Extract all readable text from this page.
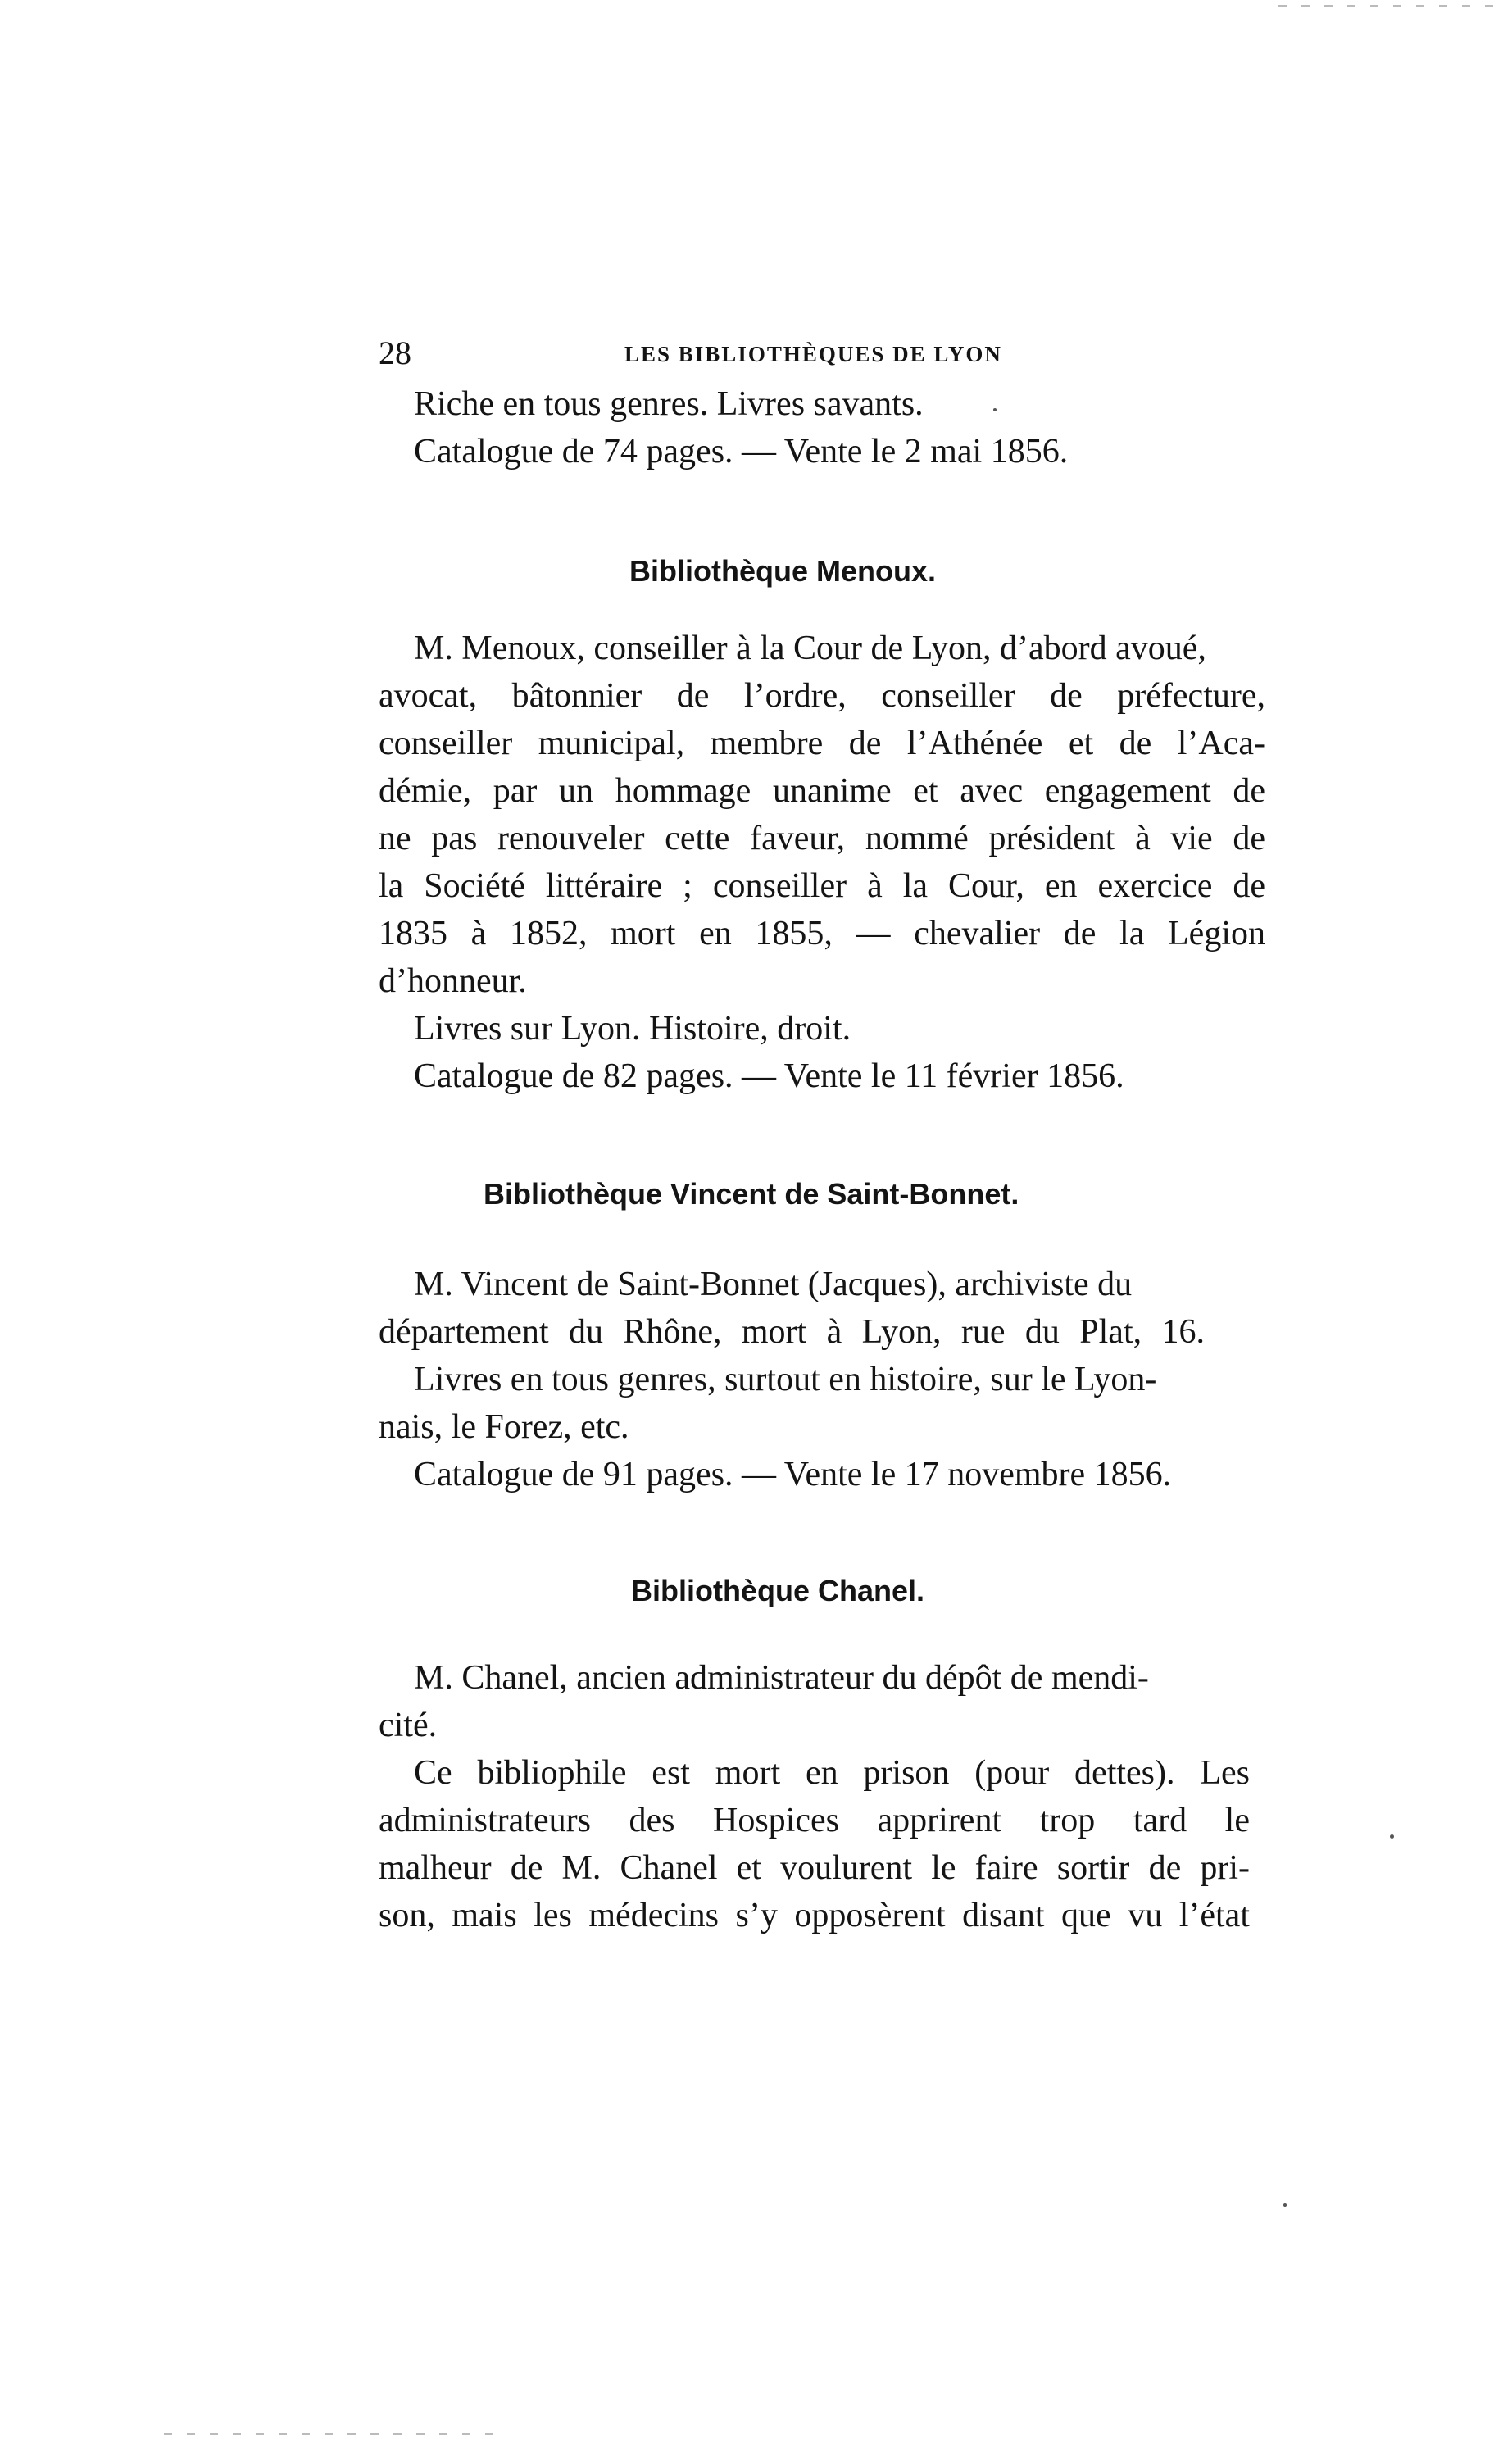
28	LES BIBLIOTHÈQUES DE LYON
Riche en tous genres. Livres savants.
Catalogue de 74 pages. — Vente le 2 mai 1856.
Bibliothèque Menoux.
M. Menoux, conseiller à la Cour de Lyon, d’abord avoué,
avocat, bâtonnier de l’ordre, conseiller de préfecture,
conseiller municipal, membre de l’Athénée et de l’Aca-
démie, par un hommage unanime et avec engagement de
ne pas renouveler cette faveur, nommé président à vie de
la Société littéraire ; conseiller à la Cour, en exercice de
1835 à 1852, mort en 1855, — chevalier de la Légion
d’honneur.
Livres sur Lyon. Histoire, droit.
Catalogue de 82 pages. — Vente le 11 février 1856.
Bibliothèque Vincent de Saint-Bonnet.
M. Vincent de Saint-Bonnet (Jacques), archiviste du
département du Rhône, mort à Lyon, rue du Plat, 16.
Livres en tous genres, surtout en histoire, sur le Lyon-
nais, le Forez, etc.
Catalogue de 91 pages. — Vente le 17 novembre 1856.
Bibliothèque Chanel.
M. Chanel, ancien administrateur du dépôt de mendi-
cité.
Ce bibliophile est mort en prison (pour dettes). Les
administrateurs des Hospices apprirent trop tard le
malheur de M. Chanel et voulurent le faire sortir de pri-
son, mais les médecins s’y opposèrent disant que vu l’état
